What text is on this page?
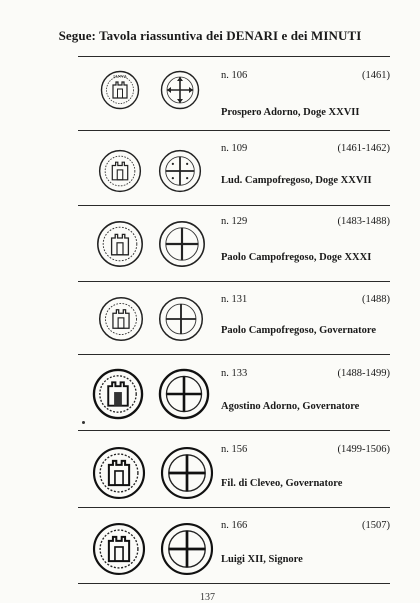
Segue: Tavola riassuntiva dei DENARI e dei MINUTI
IANVA	n. 106	(1461)
Prospero Adorno, Doge XXVII
n. 109	(1461-1462)
Lud. Campofregoso, Doge XXVII
n. 129	(1483-1488)
Paolo Campofregoso, Doge XXXI
n. 131	(1488)
Paolo Campofregoso, Governatore
n. 133	(1488-1499)
Agostino Adorno, Governatore
n. 156	(1499-1506)
Fil. di Cleveo, Governatore
n. 166	(1507)
Luigi XII, Signore
137
